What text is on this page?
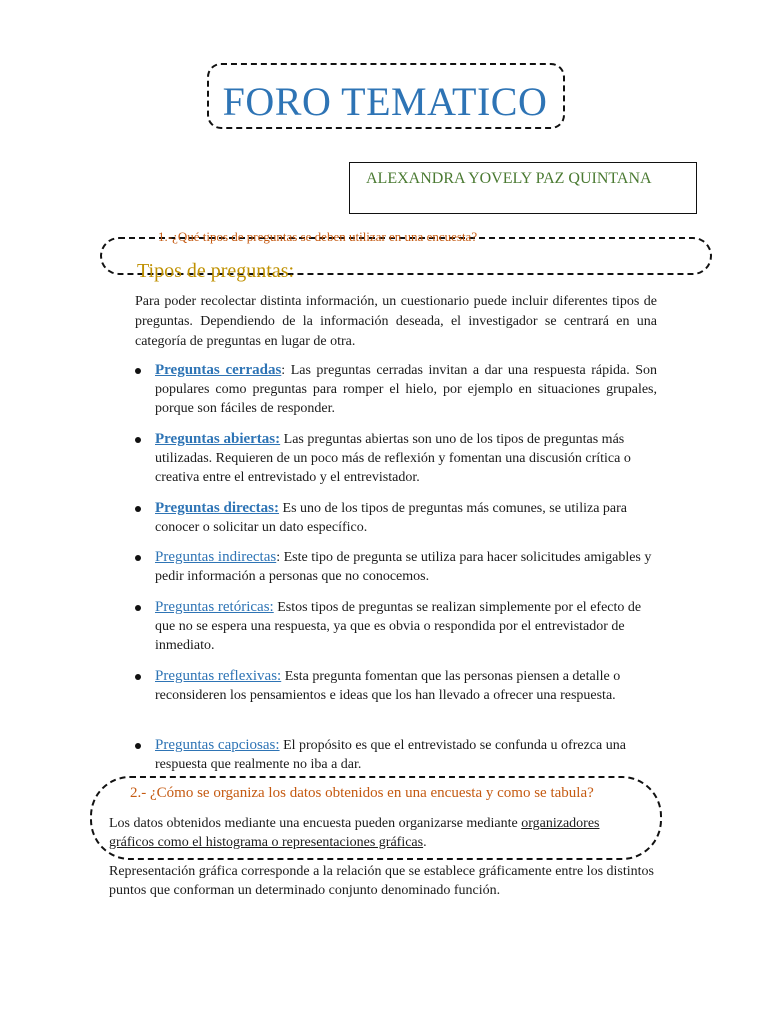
FORO TEMATICO
ALEXANDRA YOVELY PAZ QUINTANA
1.-¿Qué tipos de preguntas se deben utilizar en una encuesta?
Tipos de preguntas:
Para poder recolectar distinta información, un cuestionario puede incluir diferentes tipos de preguntas. Dependiendo de la información deseada, el investigador se centrará en una categoría de preguntas en lugar de otra.
Preguntas cerradas: Las preguntas cerradas invitan a dar una respuesta rápida. Son populares como preguntas para romper el hielo, por ejemplo en situaciones grupales, porque son fáciles de responder.
Preguntas abiertas: Las preguntas abiertas son uno de los tipos de preguntas más utilizadas. Requieren de un poco más de reflexión y fomentan una discusión crítica o creativa entre el entrevistado y el entrevistador.
Preguntas directas: Es uno de los tipos de preguntas más comunes, se utiliza para conocer o solicitar un dato específico.
Preguntas indirectas: Este tipo de pregunta se utiliza para hacer solicitudes amigables y pedir información a personas que no conocemos.
Preguntas retóricas: Estos tipos de preguntas se realizan simplemente por el efecto de que no se espera una respuesta, ya que es obvia o respondida por el entrevistador de inmediato.
Preguntas reflexivas: Esta pregunta fomentan que las personas piensen a detalle o reconsideren los pensamientos e ideas que los han llevado a ofrecer una respuesta.
Preguntas capciosas: El propósito es que el entrevistado se confunda u ofrezca una respuesta que realmente no iba a dar.
2.- ¿Cómo se organiza los datos obtenidos en una encuesta y como se tabula?
Los datos obtenidos mediante una encuesta pueden organizarse mediante organizadores gráficos como el histograma o representaciones gráficas.
Representación gráfica corresponde a la relación que se establece gráficamente entre los distintos puntos que conforman un determinado conjunto denominado función.
